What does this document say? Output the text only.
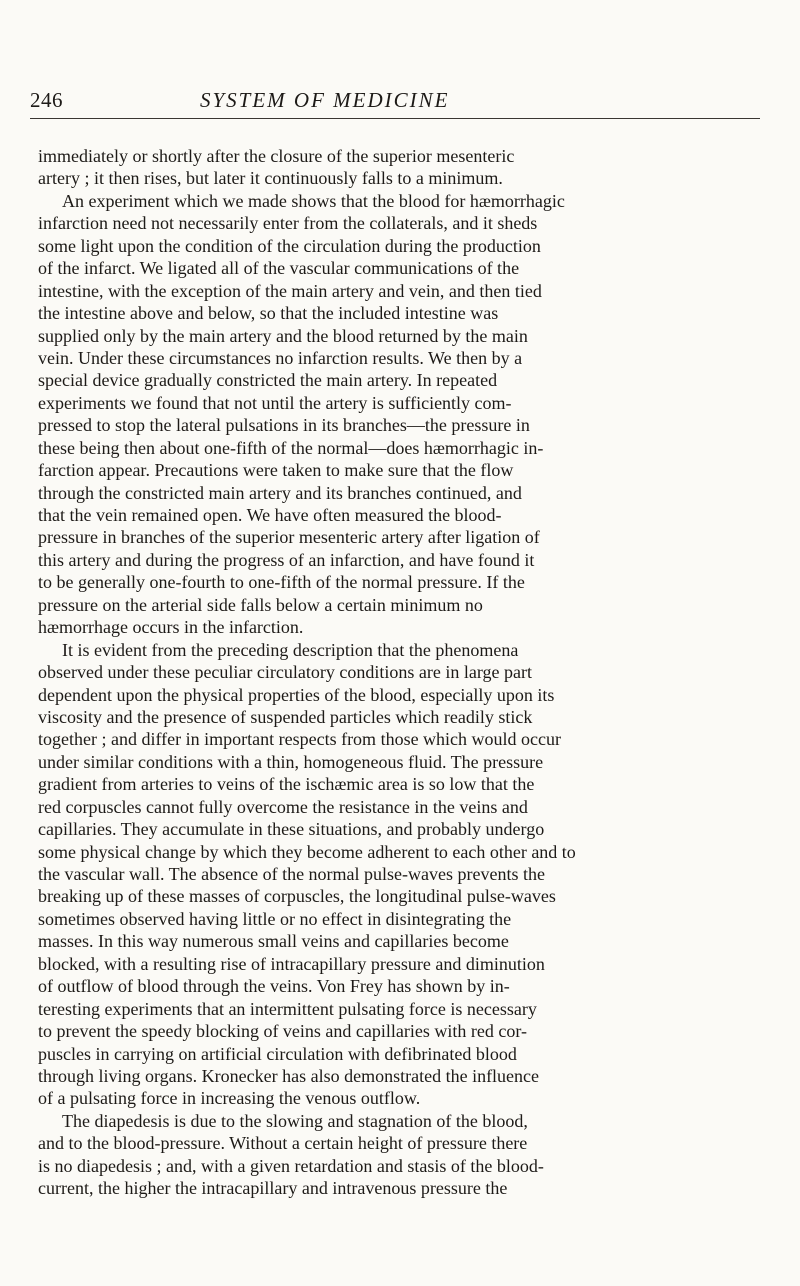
246	SYSTEM OF MEDICINE
immediately or shortly after the closure of the superior mesenteric
artery ; it then rises, but later it continuously falls to a minimum.
An experiment which we made shows that the blood for hæmorrhagic
infarction need not necessarily enter from the collaterals, and it sheds
some light upon the condition of the circulation during the production
of the infarct. We ligated all of the vascular communications of the
intestine, with the exception of the main artery and vein, and then tied
the intestine above and below, so that the included intestine was
supplied only by the main artery and the blood returned by the main
vein. Under these circumstances no infarction results. We then by a
special device gradually constricted the main artery. In repeated
experiments we found that not until the artery is sufficiently com-
pressed to stop the lateral pulsations in its branches—the pressure in
these being then about one-fifth of the normal—does hæmorrhagic in-
farction appear. Precautions were taken to make sure that the flow
through the constricted main artery and its branches continued, and
that the vein remained open. We have often measured the blood-
pressure in branches of the superior mesenteric artery after ligation of
this artery and during the progress of an infarction, and have found it
to be generally one-fourth to one-fifth of the normal pressure. If the
pressure on the arterial side falls below a certain minimum no
hæmorrhage occurs in the infarction.
It is evident from the preceding description that the phenomena
observed under these peculiar circulatory conditions are in large part
dependent upon the physical properties of the blood, especially upon its
viscosity and the presence of suspended particles which readily stick
together ; and differ in important respects from those which would occur
under similar conditions with a thin, homogeneous fluid. The pressure
gradient from arteries to veins of the ischæmic area is so low that the
red corpuscles cannot fully overcome the resistance in the veins and
capillaries. They accumulate in these situations, and probably undergo
some physical change by which they become adherent to each other and to
the vascular wall. The absence of the normal pulse-waves prevents the
breaking up of these masses of corpuscles, the longitudinal pulse-waves
sometimes observed having little or no effect in disintegrating the
masses. In this way numerous small veins and capillaries become
blocked, with a resulting rise of intracapillary pressure and diminution
of outflow of blood through the veins. Von Frey has shown by in-
teresting experiments that an intermittent pulsating force is necessary
to prevent the speedy blocking of veins and capillaries with red cor-
puscles in carrying on artificial circulation with defibrinated blood
through living organs. Kronecker has also demonstrated the influence
of a pulsating force in increasing the venous outflow.
The diapedesis is due to the slowing and stagnation of the blood,
and to the blood-pressure. Without a certain height of pressure there
is no diapedesis ; and, with a given retardation and stasis of the blood-
current, the higher the intracapillary and intravenous pressure the
